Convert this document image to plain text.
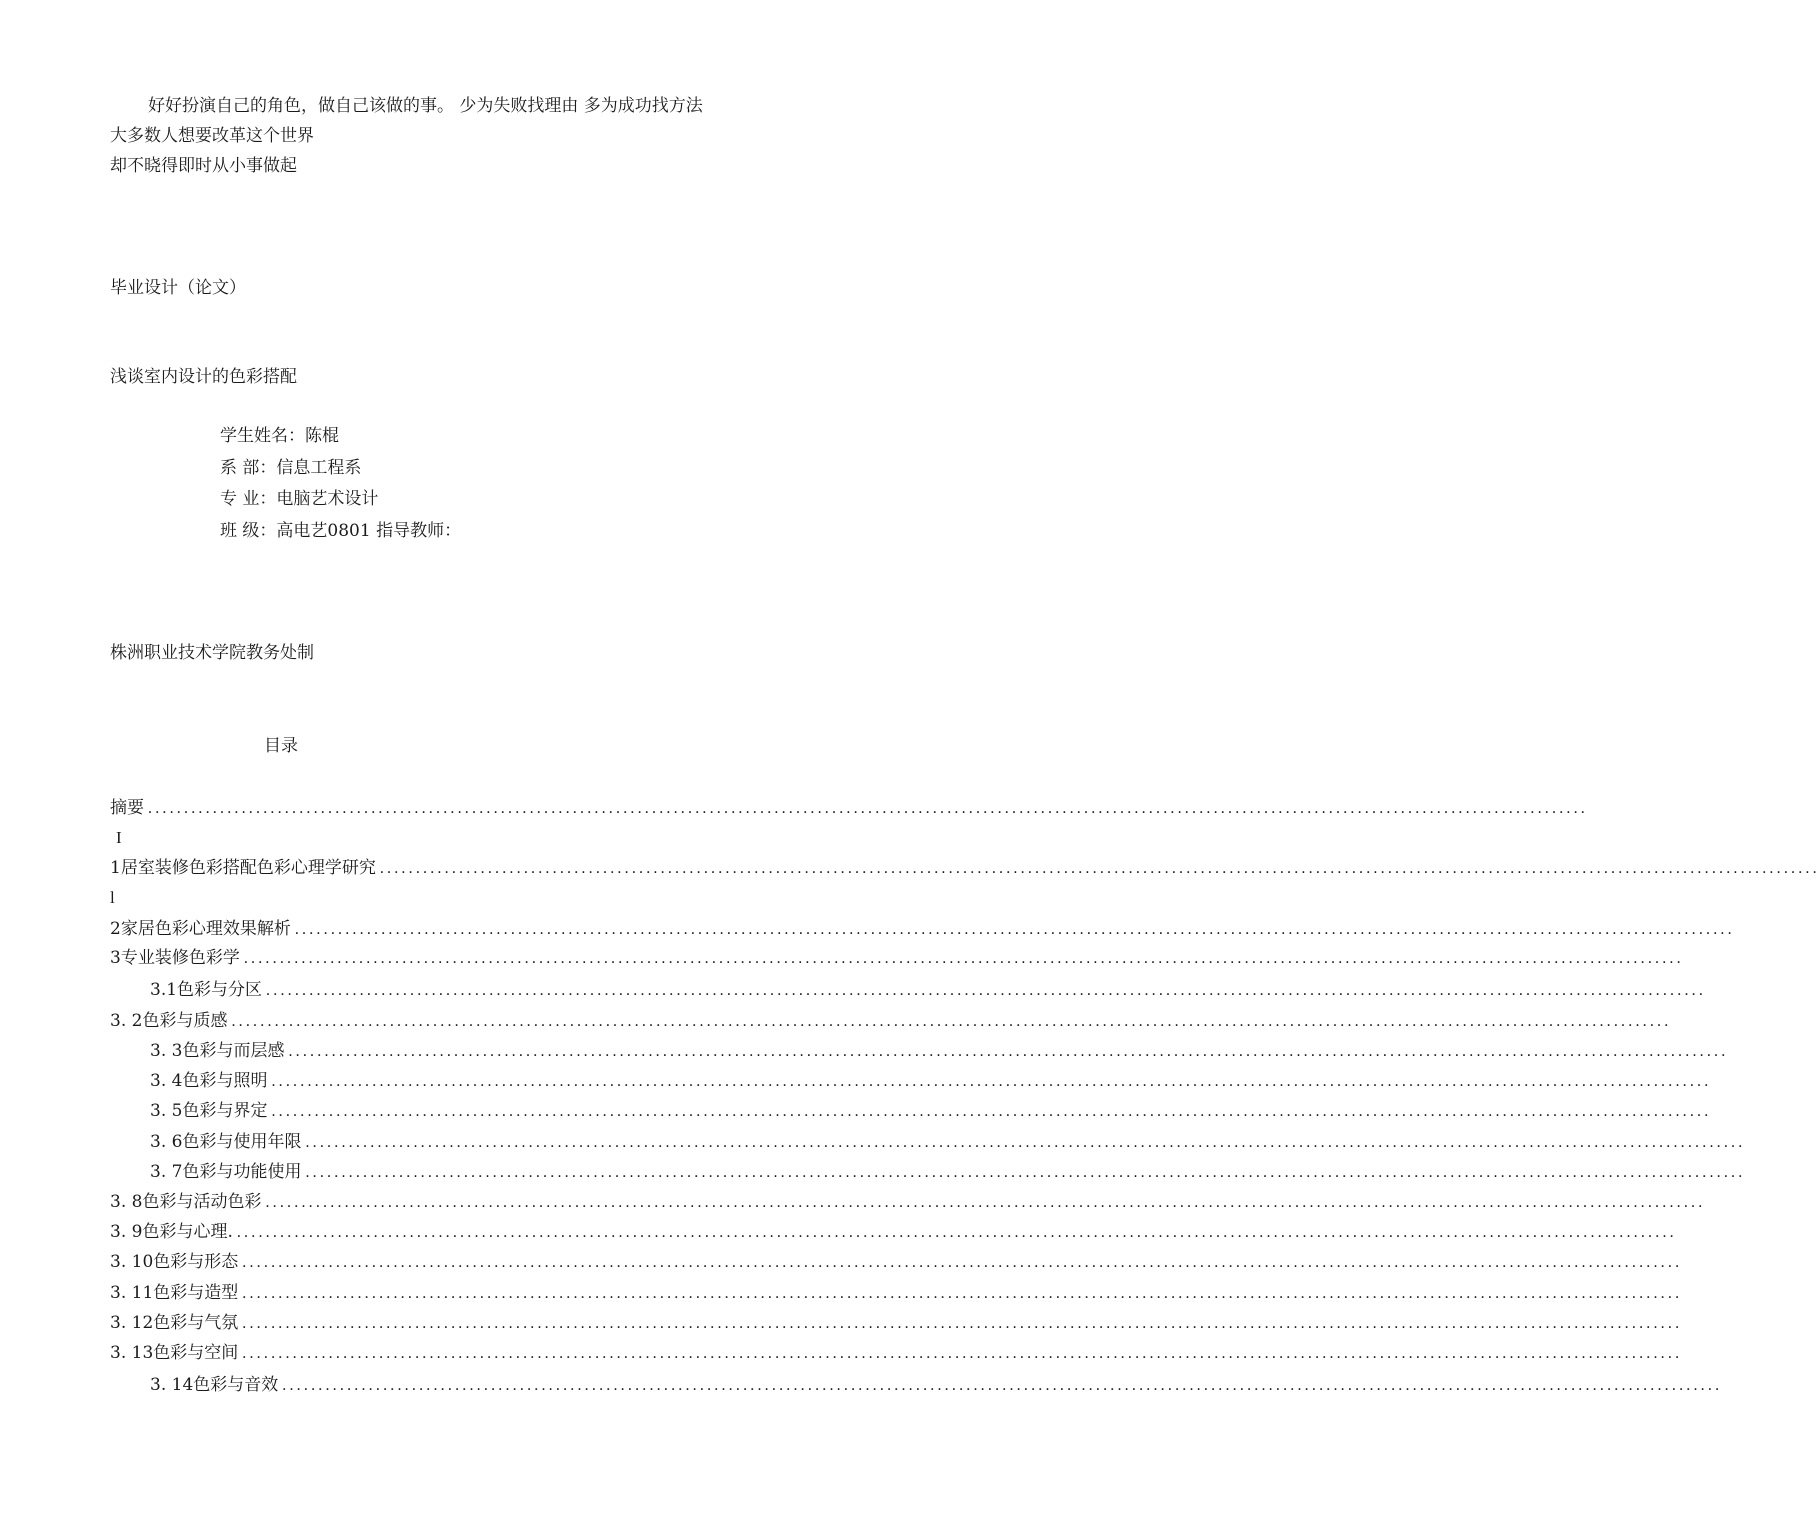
好好扮演自己的角色，做自己该做的事。 少为失败找理由 多为成功找方法
大多数人想要改革这个世界
却不晓得即时从小事做起
毕业设计（论文）
浅谈室内设计的色彩搭配
学生姓名：陈棍
系 部：信息工程系
专 业：电脑艺术设计
班 级：高电艺0801 指导教师：
株洲职业技术学院教务处制
目录
摘要 ........................................................................................................................................................................................................
I
1居室装修色彩搭配色彩心理学研究 ........................................................................................................................................................................................................
l
2家居色彩心理效果解析 ........................................................................................................................................................................................................
3专业装修色彩学 ........................................................................................................................................................................................................
3.1色彩与分区 ........................................................................................................................................................................................................
3. 2色彩与质感 ........................................................................................................................................................................................................
3. 3色彩与而层感 ........................................................................................................................................................................................................
3. 4色彩与照明 ........................................................................................................................................................................................................
3. 5色彩与界定 ........................................................................................................................................................................................................
3. 6色彩与使用年限 ........................................................................................................................................................................................................
3. 7色彩与功能使用 ........................................................................................................................................................................................................
3. 8色彩与活动色彩 ........................................................................................................................................................................................................
3. 9色彩与心理. ........................................................................................................................................................................................................
3. 10色彩与形态 ........................................................................................................................................................................................................
3. 11色彩与造型 ........................................................................................................................................................................................................
3. 12色彩与气氛 ........................................................................................................................................................................................................
3. 13色彩与空间 ........................................................................................................................................................................................................
3. 14色彩与音效 ........................................................................................................................................................................................................
